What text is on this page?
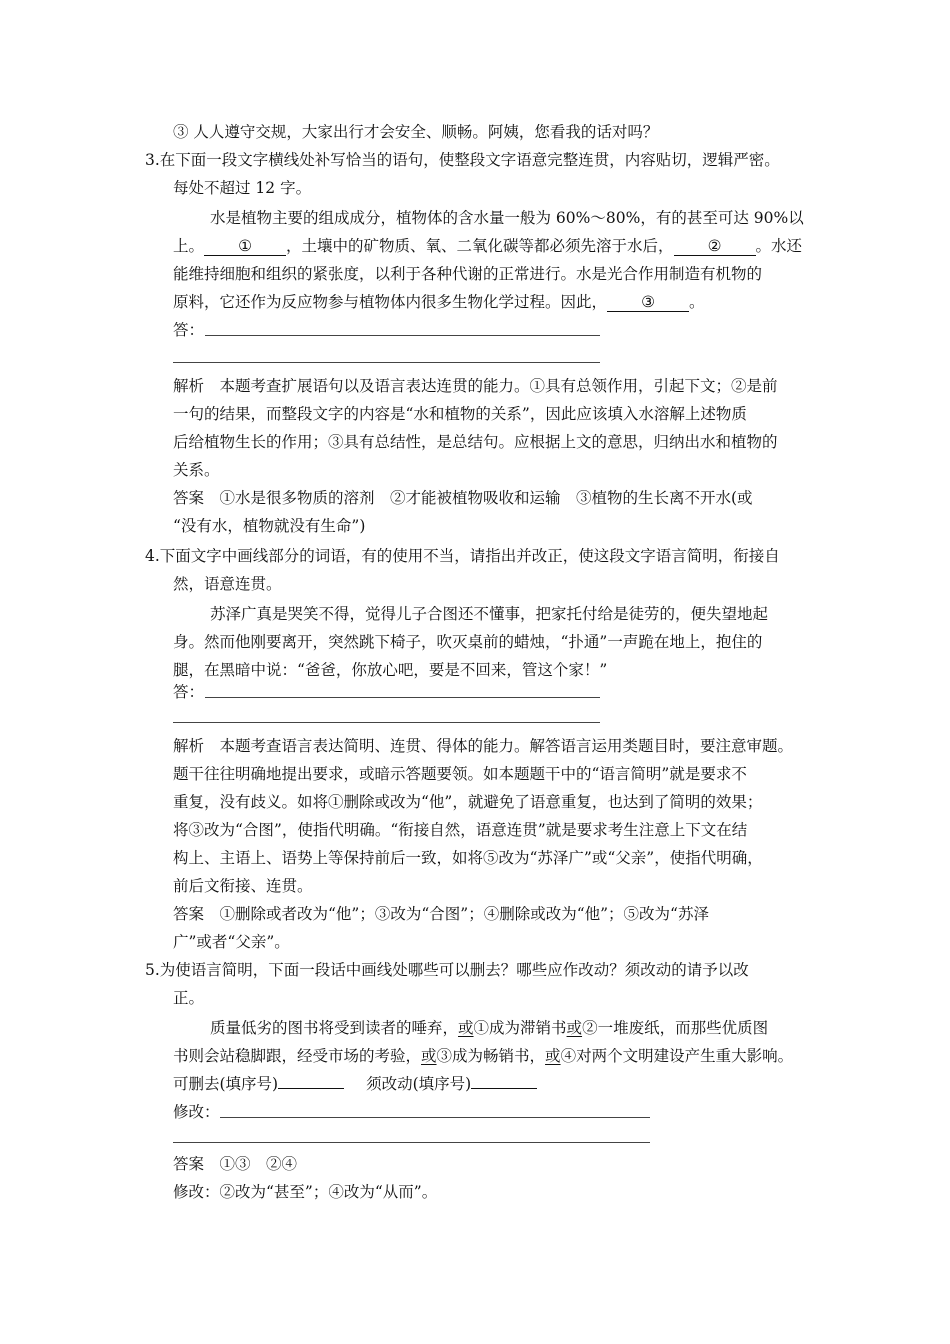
③ 人人遵守交规，大家出行才会安全、顺畅。阿姨，您看我的话对吗？
3.在下面一段文字横线处补写恰当的语句，使整段文字语意完整连贯，内容贴切，逻辑严密。
每处不超过 12 字。
水是植物主要的组成成分，植物体的含水量一般为 60%～80%，有的甚至可达 90%以
上。 ① ，土壤中的矿物质、氧、二氧化碳等都必须先溶于水后， ② 。水还
能维持细胞和组织的紧张度，以利于各种代谢的正常进行。水是光合作用制造有机物的
原料，它还作为反应物参与植物体内很多生物化学过程。因此， ③ 。
答：
解析　本题考查扩展语句以及语言表达连贯的能力。①具有总领作用，引起下文；②是前
一句的结果，而整段文字的内容是“水和植物的关系”，因此应该填入水溶解上述物质
后给植物生长的作用；③具有总结性，是总结句。应根据上文的意思，归纳出水和植物的
关系。
答案　①水是很多物质的溶剂　②才能被植物吸收和运输　③植物的生长离不开水(或
“没有水，植物就没有生命”)
4.下面文字中画线部分的词语，有的使用不当，请指出并改正，使这段文字语言简明，衔接自
然，语意连贯。
苏泽广真是哭笑不得，觉得儿子合图还不懂事，把家托付给是徒劳的，便失望地起
身。然而他刚要离开，突然跳下椅子，吹灭桌前的蜡烛，“扑通”一声跪在地上，抱住的
腿，在黑暗中说：“爸爸，你放心吧，要是不回来，管这个家！”
答：
解析　本题考查语言表达简明、连贯、得体的能力。解答语言运用类题目时，要注意审题。
题干往往明确地提出要求，或暗示答题要领。如本题题干中的“语言简明”就是要求不
重复，没有歧义。如将①删除或改为“他”，就避免了语意重复，也达到了简明的效果；
将③改为“合图”，使指代明确。“衔接自然，语意连贯”就是要求考生注意上下文在结
构上、主语上、语势上等保持前后一致，如将⑤改为“苏泽广”或“父亲”，使指代明确，
前后文衔接、连贯。
答案　①删除或者改为“他”；③改为“合图”；④删除或改为“他”；⑤改为“苏泽
广”或者“父亲”。
5.为使语言简明，下面一段话中画线处哪些可以删去？哪些应作改动？须改动的请予以改
正。
质量低劣的图书将受到读者的唾弃，或①成为滞销书或②一堆废纸，而那些优质图
书则会站稳脚跟，经受市场的考验，或③成为畅销书，或④对两个文明建设产生重大影响。
可删去(填序号)	须改动(填序号)
修改：
答案　①③　②④
修改：②改为“甚至”；④改为“从而”。
